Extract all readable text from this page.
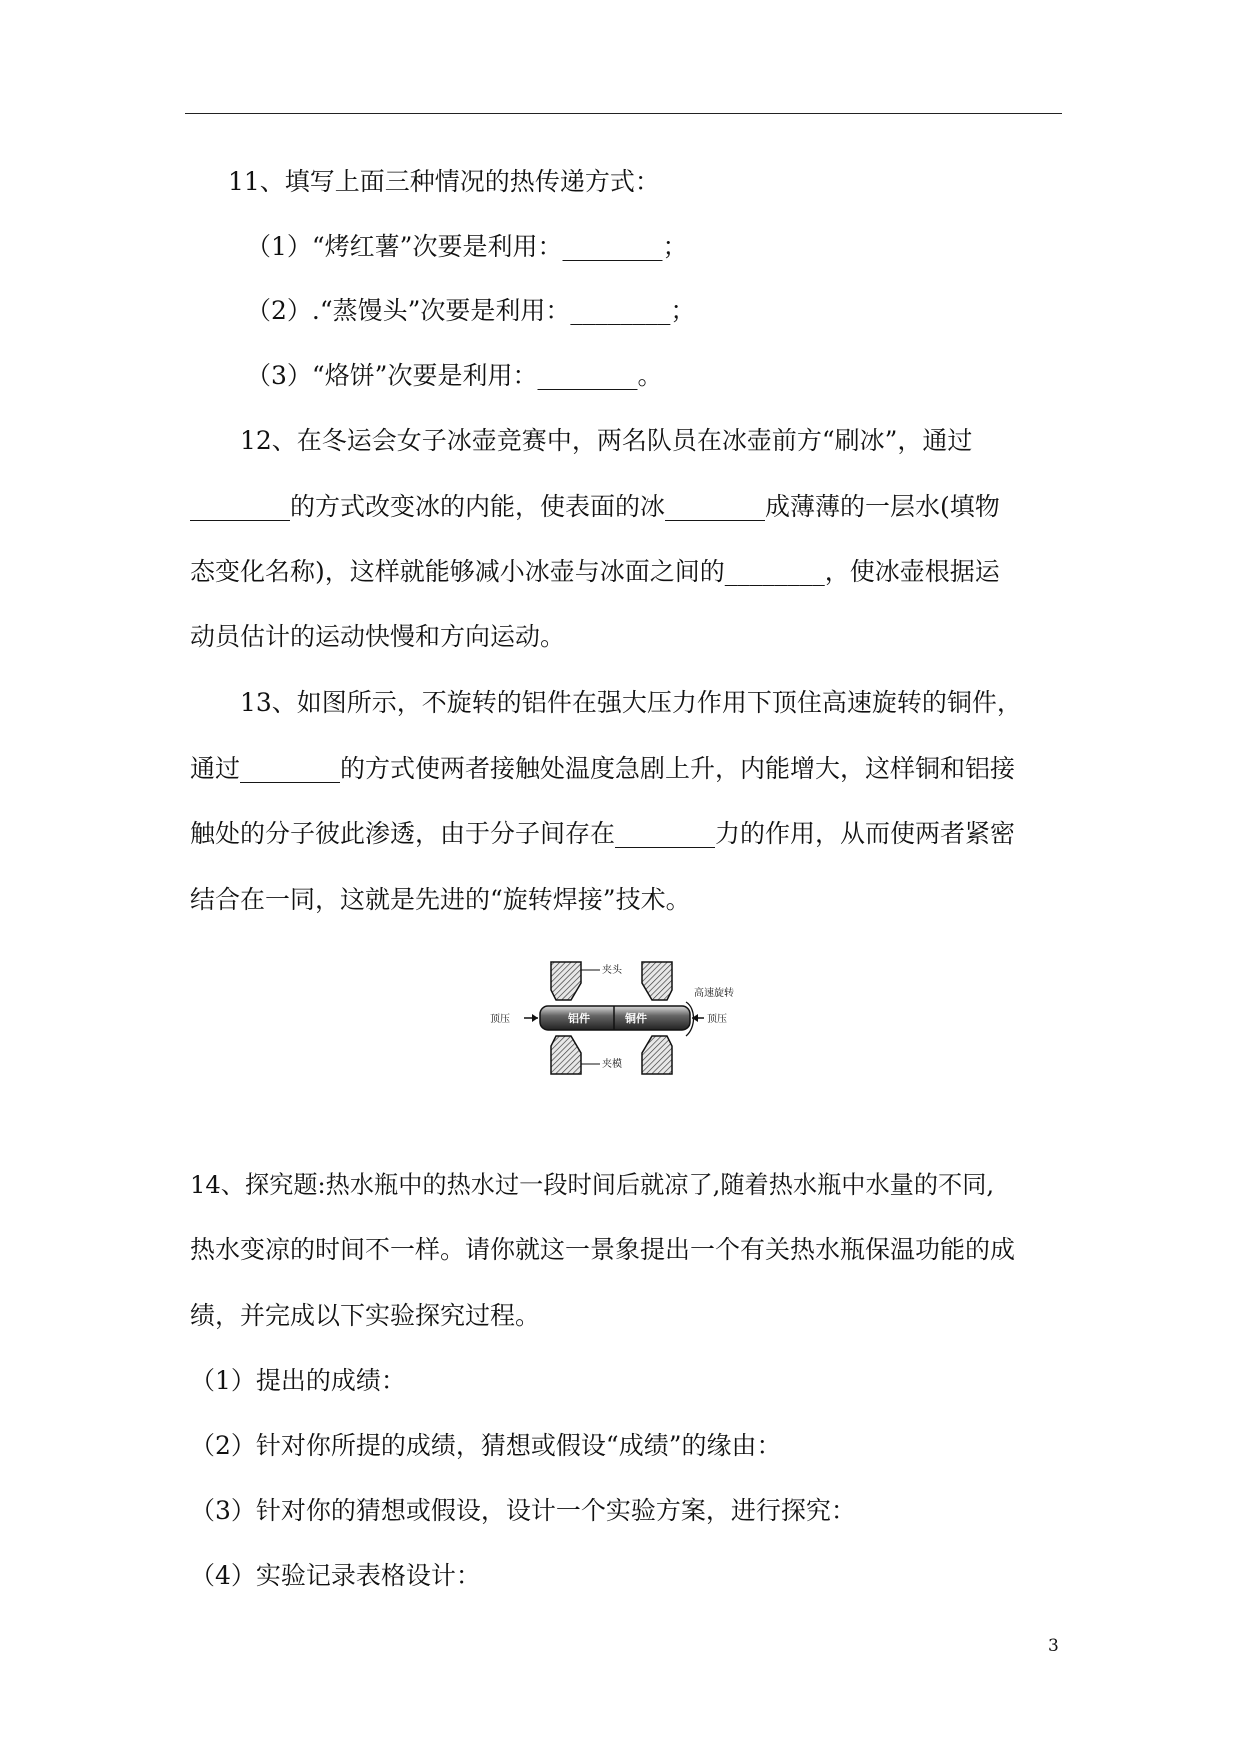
11、填写上面三种情况的热传递方式：
（1）“烤红薯”次要是利用：________；
（2）.“蒸馒头”次要是利用：________；
（3）“烙饼”次要是利用：________。
12、在冬运会女子冰壶竞赛中，两名队员在冰壶前方“刷冰”，通过
________的方式改变冰的内能，使表面的冰________成薄薄的一层水(填物
态变化名称)，这样就能够减小冰壶与冰面之间的________，使冰壶根据运
动员估计的运动快慢和方向运动。
13、如图所示，不旋转的铝件在强大压力作用下顶住高速旋转的铜件，
通过________的方式使两者接触处温度急剧上升，内能增大，这样铜和铝接
触处的分子彼此渗透，由于分子间存在________力的作用，从而使两者紧密
结合在一同，这就是先进的“旋转焊接”技术。
夹头
夹模
顶压	顶压
高速旋转
铝件	铜件
14、探究题:热水瓶中的热水过一段时间后就凉了,随着热水瓶中水量的不同,
热水变凉的时间不一样。请你就这一景象提出一个有关热水瓶保温功能的成
绩，并完成以下实验探究过程。
（1）提出的成绩：
（2）针对你所提的成绩，猜想或假设“成绩”的缘由：
（3）针对你的猜想或假设，设计一个实验方案，进行探究：
（4）实验记录表格设计：
3
